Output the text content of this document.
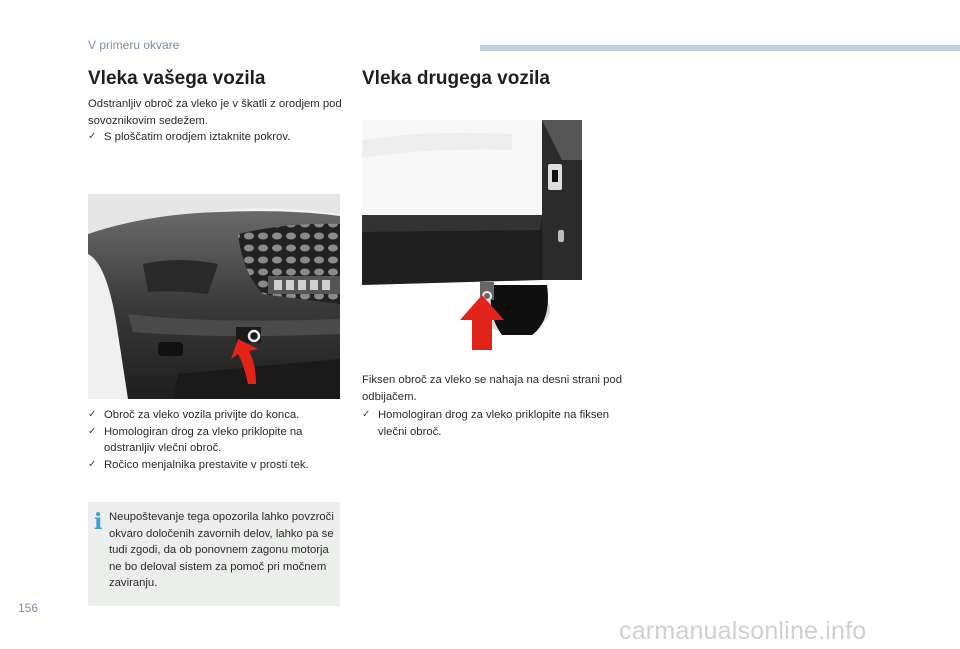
V primeru okvare
Vleka vašega vozila
Odstranljiv obroč za vleko je v škatli z orodjem pod sovoznikovim sedežem.
✓ S ploščatim orodjem iztaknite pokrov.
✓ Obroč za vleko vozila privijte do konca.
✓ Homologiran drog za vleko priklopite na odstranljiv vlečni obroč.
✓ Ročico menjalnika prestavite v prosti tek.
i Neupoštevanje tega opozorila lahko povzroči okvaro določenih zavornih delov, lahko pa se tudi zgodi, da ob ponovnem zagonu motorja ne bo deloval sistem za pomoč pri močnem zaviranju.
Vleka drugega vozila
Fiksen obroč za vleko se nahaja na desni strani pod odbijačem.
✓ Homologiran drog za vleko priklopite na fiksen vlečni obroč.
156
carmanualsonline.info
